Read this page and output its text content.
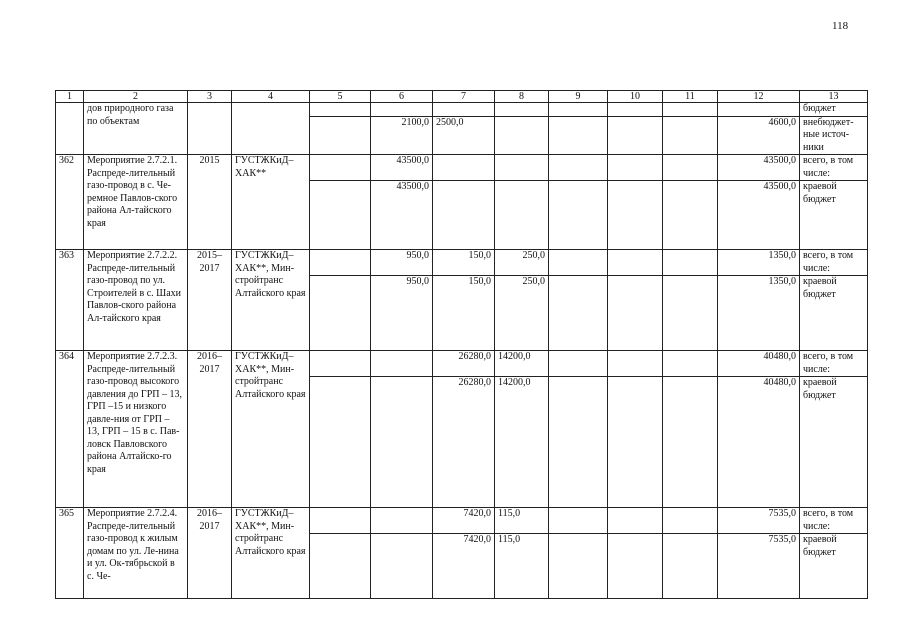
118
1	2	3	4	5	6	7	8	9	10	11	12	13
	дов природного газа по объектам											бюджет
					2100,0	2500,0					4600,0	внебюджет-ные источ-ники
362	Мероприятие 2.7.2.1. Распреде-лительный газо-провод в с. Че-ремное Павлов-ского района Ал-тайского края	2015	ГУСТЖКиД–ХАК**		43500,0						43500,0	всего, в том числе:
					43500,0						43500,0	краевой бюджет
363	Мероприятие 2.7.2.2. Распреде-лительный газо-провод по ул. Строителей в с. Шахи Павлов-ского района Ал-тайского края	2015–2017	ГУСТЖКиД–ХАК**, Мин-стройтранс Алтайского края		950,0	150,0	250,0				1350,0	всего, в том числе:
					950,0	150,0	250,0				1350,0	краевой бюджет
364	Мероприятие 2.7.2.3. Распреде-лительный газо-провод высокого давления до ГРП – 13, ГРП –15 и низкого давле-ния от ГРП – 13, ГРП – 15 в с. Пав-ловск Павловского района Алтайско-го края	2016–2017	ГУСТЖКиД–ХАК**, Мин-стройтранс Алтайского края			26280,0	14200,0				40480,0	всего, в том числе:
						26280,0	14200,0				40480,0	краевой бюджет
365	Мероприятие 2.7.2.4. Распреде-лительный газо-провод к жилым домам по ул. Ле-нина и ул. Ок-тябрьской в с. Че-	2016–2017	ГУСТЖКиД–ХАК**, Мин-стройтранс Алтайского края			7420,0	115,0				7535,0	всего, в том числе:
						7420,0	115,0				7535,0	краевой бюджет
